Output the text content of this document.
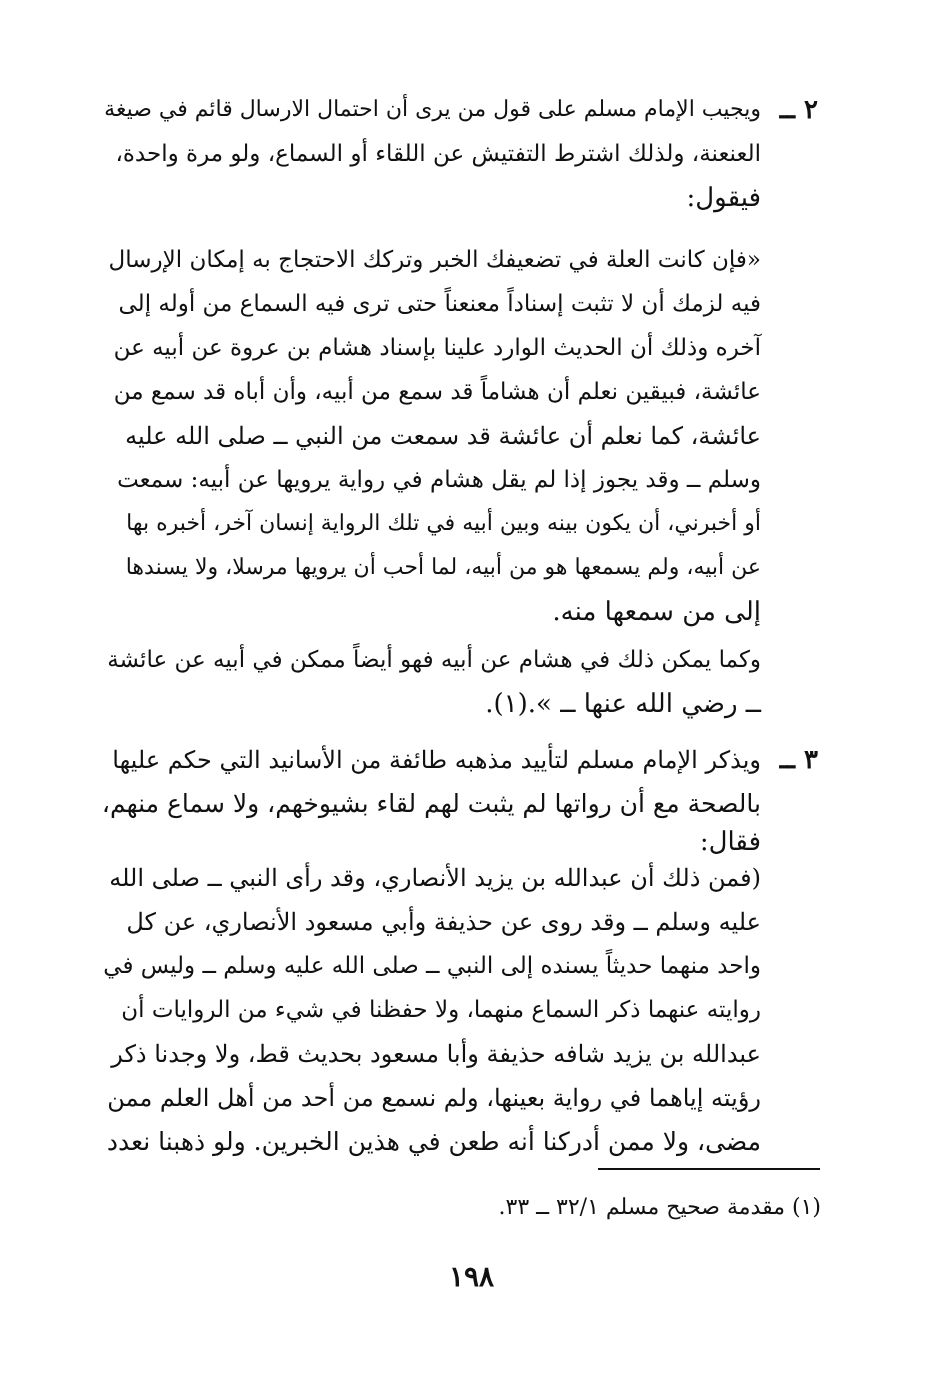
٢ ــ
ويجيب الإمام مسلم على قول من يرى أن احتمال الارسال قائم في صيغة
العنعنة، ولذلك اشترط التفتيش عن اللقاء أو السماع، ولو مرة واحدة،
فيقول:
«فإن كانت العلة في تضعيفك الخبر وتركك الاحتجاج به إمكان الإرسال
فيه لزمك أن لا تثبت إسناداً معنعناً حتى ترى فيه السماع من أوله إلى
آخره وذلك أن الحديث الوارد علينا بإسناد هشام بن عروة عن أبيه عن
عائشة، فبيقين نعلم أن هشاماً قد سمع من أبيه، وأن أباه قد سمع من
عائشة، كما نعلم أن عائشة قد سمعت من النبي ــ صلى الله عليه
وسلم ــ وقد يجوز إذا لم يقل هشام في رواية يرويها عن أبيه: سمعت
أو أخبرني، أن يكون بينه وبين أبيه في تلك الرواية إنسان آخر، أخبره بها
عن أبيه، ولم يسمعها هو من أبيه، لما أحب أن يرويها مرسلا، ولا يسندها
إلى من سمعها منه.
وكما يمكن ذلك في هشام عن أبيه فهو أيضاً ممكن في أبيه عن عائشة
ــ رضي الله عنها ــ ».(١).
٣ ــ
ويذكر الإمام مسلم لتأييد مذهبه طائفة من الأسانيد التي حكم عليها
بالصحة مع أن رواتها لم يثبت لهم لقاء بشيوخهم، ولا سماع منهم،
فقال:
(فمن ذلك أن عبدالله بن يزيد الأنصاري، وقد رأى النبي ــ صلى الله
عليه وسلم ــ وقد روى عن حذيفة وأبي مسعود الأنصاري، عن كل
واحد منهما حديثاً يسنده إلى النبي ــ صلى الله عليه وسلم ــ وليس في
روايته عنهما ذكر السماع منهما، ولا حفظنا في شيء من الروايات أن
عبدالله بن يزيد شافه حذيفة وأبا مسعود بحديث قط، ولا وجدنا ذكر
رؤيته إياهما في رواية بعينها، ولم نسمع من أحد من أهل العلم ممن
مضى، ولا ممن أدركنا أنه طعن في هذين الخبرين. ولو ذهبنا نعدد
(١) مقدمة صحيح مسلم ٣٢/١ ــ ٣٣.
١٩٨
